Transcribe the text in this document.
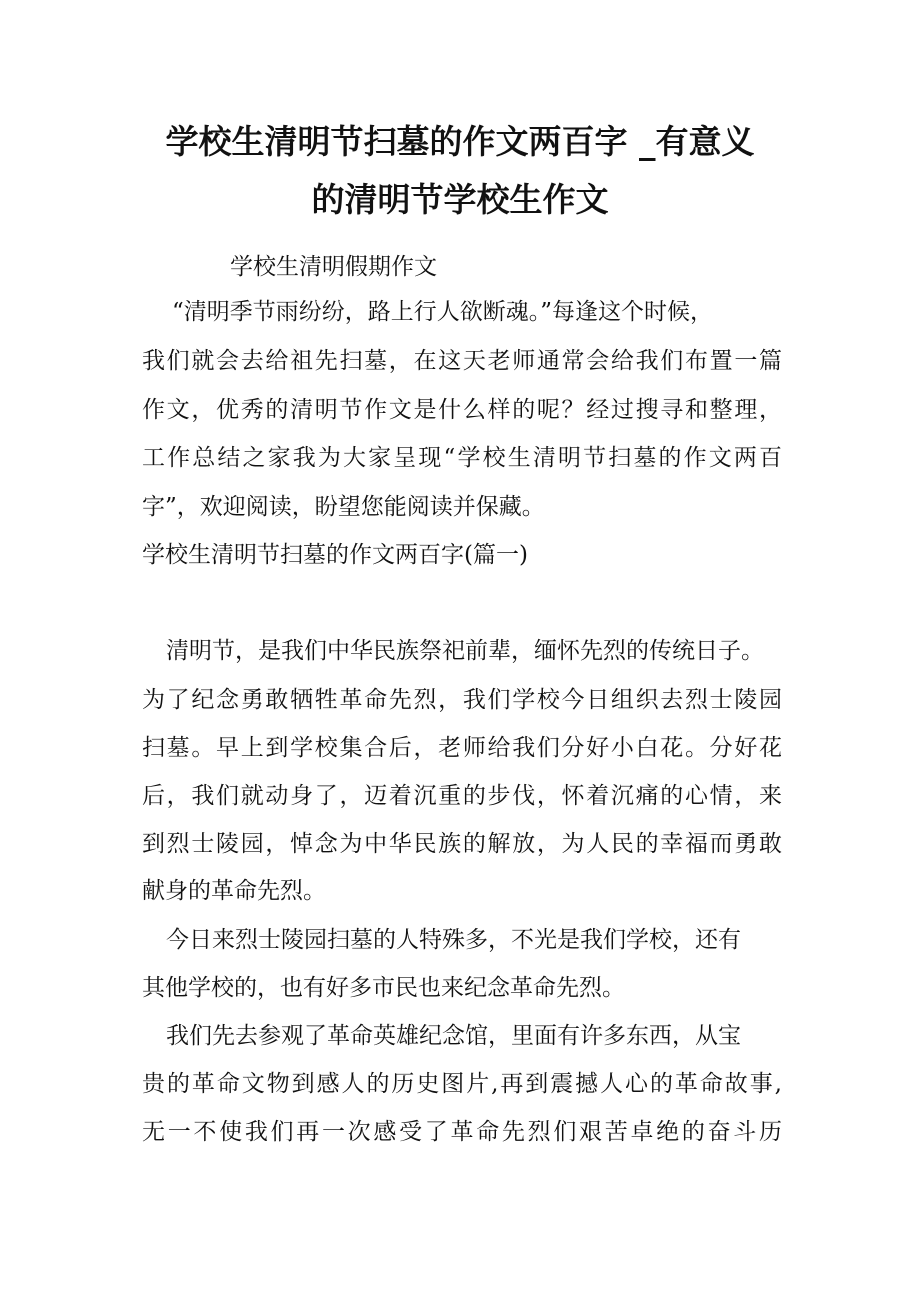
学校生清明节扫墓的作文两百字 _有意义
的清明节学校生作文

学校生清明假期作文

“清明季节雨纷纷，路上行人欲断魂。”每逢这个时候，

我们就会去给祖先扫墓，在这天老师通常会给我们布置一篇

作文，优秀的清明节作文是什么样的呢？经过搜寻和整理，

工作总结之家我为大家呈现“学校生清明节扫墓的作文两百

字”，欢迎阅读，盼望您能阅读并保藏。

学校生清明节扫墓的作文两百字(篇一)

清明节，是我们中华民族祭祀前辈，缅怀先烈的传统日子。

为了纪念勇敢牺牲革命先烈，我们学校今日组织去烈士陵园

扫墓。早上到学校集合后，老师给我们分好小白花。分好花

后，我们就动身了，迈着沉重的步伐，怀着沉痛的心情，来

到烈士陵园，悼念为中华民族的解放，为人民的幸福而勇敢

献身的革命先烈。

今日来烈士陵园扫墓的人特殊多，不光是我们学校，还有

其他学校的，也有好多市民也来纪念革命先烈。

我们先去参观了革命英雄纪念馆，里面有许多东西，从宝

贵的革命文物到感人的历史图片,再到震撼人心的革命故事,

无一不使我们再一次感受了革命先烈们艰苦卓绝的奋斗历
